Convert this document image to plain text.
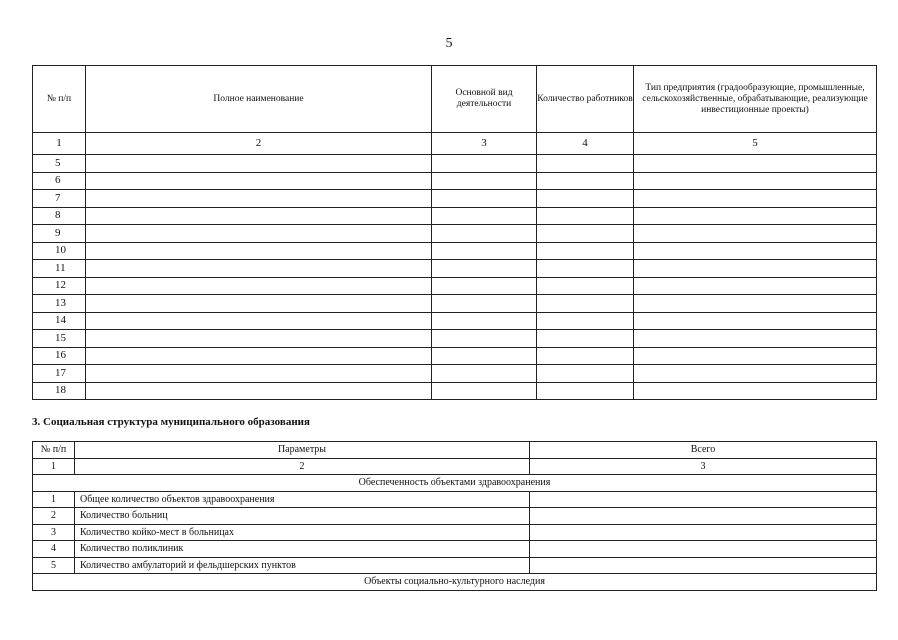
5
№ п/п	Полное наименование	Основной вид деятельности	Количество работников	Тип предприятия (градообразующие, промышленные, сельскохозяйственные, обрабатывающие, реализующие инвестиционные проекты)
1	2	3	4	5
5				
6				
7				
8				
9				
10				
11				
12				
13				
14				
15				
16				
17				
18				
3. Социальная структура муниципального образования
№ п/п	Параметры	Всего
1	2	3
Обеспеченность объектами здравоохранения		
1	Общее количество объектов здравоохранения	
2	Количество больниц	
3	Количество койко-мест в больницах	
4	Количество поликлиник	
5	Количество амбулаторий и фельдшерских пунктов	
Объекты социально-культурного наследия		
